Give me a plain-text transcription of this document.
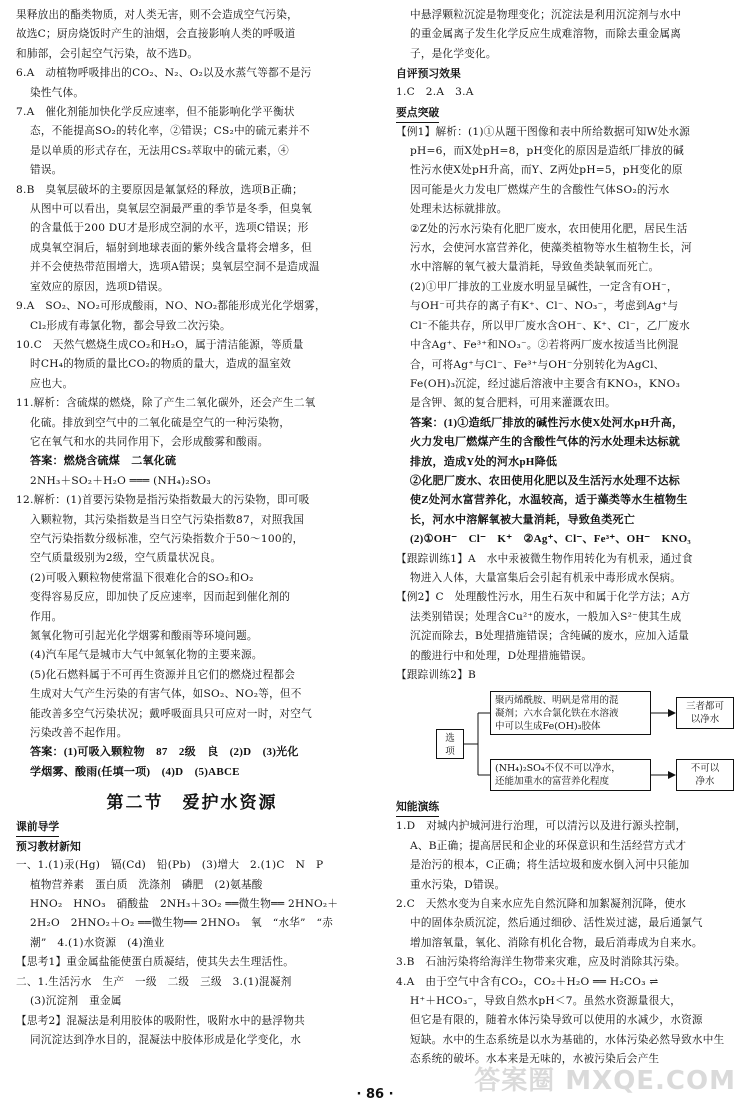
果释放出的酯类物质，对人类无害，则不会造成空气污染，

故选C；厨房烧饭时产生的油烟，会直接影响人类的呼吸道

和肺部，会引起空气污染，故不选D。

6.A　动植物呼吸排出的CO₂、N₂、O₂以及水蒸气等都不是污

染性气体。

7.A　催化剂能加快化学反应速率，但不能影响化学平衡状

态，不能提高SO₂的转化率，②错误；CS₂中的硫元素并不

是以单质的形式存在，无法用CS₂萃取中的硫元素，④

错误。

8.B　臭氧层破坏的主要原因是氟氯烃的释放，选项B正确；

从图中可以看出，臭氧层空洞最严重的季节是冬季，但臭氧

的含量低于200 DU才是形成空洞的水平，选项C错误；形

成臭氧空洞后，辐射到地球表面的紫外线含量将会增多，但

并不会使热带范围增大，选项A错误；臭氧层空洞不是造成温

室效应的原因，选项D错误。

9.A　SO₂、NO₂可形成酸雨，NO、NO₂都能形成光化学烟雾，

Cl₂形成有毒氯化物，都会导致二次污染。

10.C　天然气燃烧生成CO₂和H₂O，属于清洁能源，等质量

时CH₄的物质的量比CO₂的物质的量大，造成的温室效

应也大。

11.解析：含硫煤的燃烧，除了产生二氧化碳外，还会产生二氧

化硫。排放到空气中的二氧化硫是空气的一种污染物，

它在氧气和水的共同作用下，会形成酸雾和酸雨。

答案：燃烧含硫煤　二氧化硫

2NH₃＋SO₂＋H₂O ═══ (NH₄)₂SO₃

12.解析：(1)首要污染物是指污染指数最大的污染物，即可吸

入颗粒物，其污染指数是当日空气污染指数87，对照我国

空气污染指数分级标准，空气污染指数介于50～100的，

空气质量级别为2级，空气质量状况良。

(2)可吸入颗粒物使常温下很难化合的SO₂和O₂

变得容易反应，即加快了反应速率，因而起到催化剂的

作用。

氮氧化物可引起光化学烟雾和酸雨等环境问题。

(4)汽车尾气是城市大气中氮氧化物的主要来源。

(5)化石燃料属于不可再生资源并且它们的燃烧过程都会

生成对大气产生污染的有害气体，如SO₂、NO₂等，但不

能改善多空气污染状况；戴呼吸面具只可应对一时，对空气

污染改善不起作用。

答案：(1)可吸入颗粒物　87　2级　良　(2)D　(3)光化

学烟雾、酸雨(任填一项)　(4)D　(5)ABCE

第二节　爱护水资源
课前导学
预习教材新知

一、1.(1)汞(Hg)　镉(Cd)　铅(Pb)　(3)增大　2.(1)C　N　P

植物营养素　蛋白质　洗涤剂　磷肥　(2)氨基酸

HNO₂　HNO₃　硝酸盐　2NH₃＋3O₂ ══微生物══ 2HNO₂＋

2H₂O　2HNO₂＋O₂ ══微生物══ 2HNO₃　氧　“水华”　“赤

潮”　4.(1)水资源　(4)渔业

【思考1】重金属盐能使蛋白质凝结，使其失去生理活性。

二、1.生活污水　生产　一级　二级　三级　3.(1)混凝剂

(3)沉淀剂　重金属

【思考2】混凝法是利用胶体的吸附性，吸附水中的悬浮物共

同沉淀达到净水目的，混凝法中胶体形成是化学变化，水

中悬浮颗粒沉淀是物理变化；沉淀法是利用沉淀剂与水中

的重金属离子发生化学反应生成难溶物，而除去重金属离

子，是化学变化。

自评预习效果

1.C　2.A　3.A

要点突破

【例1】解析：(1)①从题干图像和表中所给数据可知W处水源

pH=6，而X处pH=8，pH变化的原因是造纸厂排放的碱

性污水使X处pH升高，而Y、Z两处pH=5，pH变化的原

因可能是火力发电厂燃煤产生的含酸性气体SO₂的污水

处理未达标就排放。

②Z处的污水污染有化肥厂废水，农田使用化肥，居民生活

污水，会使河水富营养化，使藻类植物等水生植物生长，河

水中溶解的氧气被大量消耗，导致鱼类缺氧而死亡。

(2)①甲厂排放的工业废水明显呈碱性，一定含有OH⁻，

与OH⁻可共存的离子有K⁺、Cl⁻、NO₃⁻，考虑到Ag⁺与

Cl⁻不能共存，所以甲厂废水含OH⁻、K⁺、Cl⁻，乙厂废水

中含Ag⁺、Fe³⁺和NO₃⁻。②若将两厂废水按适当比例混

合，可将Ag⁺与Cl⁻、Fe³⁺与OH⁻分别转化为AgCl、

Fe(OH)₃沉淀，经过滤后溶液中主要含有KNO₃，KNO₃

是含钾、氮的复合肥料，可用来灌溉农田。

答案：(1)①造纸厂排放的碱性污水使X处河水pH升高，

火力发电厂燃煤产生的含酸性气体的污水处理未达标就

排放，造成Y处的河水pH降低

②化肥厂废水、农田使用化肥以及生活污水处理不达标

使Z处河水富营养化，水温较高，适于藻类等水生植物生

长，河水中溶解氧被大量消耗，导致鱼类死亡

(2)①OH⁻　Cl⁻　K⁺　②Ag⁺、Cl⁻、Fe³⁺、OH⁻　KNO₃

【跟踪训练1】A　水中汞被微生物作用转化为有机汞，通过食

物进入人体，大量富集后会引起有机汞中毒形成水俣病。

【例2】C　处理酸性污水，用生石灰中和属于化学方法；A方

法类别错误；处理含Cu²⁺的废水，一般加入S²⁻使其生成

沉淀而除去，B处理措施错误；含纯碱的废水，应加入适量

的酸进行中和处理，D处理措施错误。

【跟踪训练2】B

选项
聚丙烯酰胺、明矾是常用的混
凝剂；六水合氯化铁在水溶液
中可以生成Fe(OH)₃胶体
三者都可
以净水
(NH₄)₂SO₄不仅不可以净水，
还能加重水的富营养化程度
不可以
净水
知能演练

1.D　对城内护城河进行治理，可以清污以及进行源头控制，

A、B正确；提高居民和企业的环保意识和生活经营方式才

是治污的根本，C正确；将生活垃圾和废水倒入河中只能加

重水污染，D错误。

2.C　天然水变为自来水应先自然沉降和加絮凝剂沉降，使水

中的固体杂质沉淀，然后通过细砂、活性炭过滤，最后通氯气

增加溶氧量，氧化、消除有机化合物，最后消毒成为自来水。

3.B　石油污染将给海洋生物带来灾难，应及时消除其污染。

4.A　由于空气中含有CO₂，CO₂＋H₂O ══ H₂CO₃ ⇌

H⁺＋HCO₃⁻，导致自然水pH＜7。虽然水资源量很大，

但它是有限的，随着水体污染导致可以使用的水减少，水资源

短缺。水中的生态系统是以水为基础的，水体污染必然导致水中生

态系统的破坏。水本来是无味的，水被污染后会产生

· 86 ·	答案圈 MXQE.COM
